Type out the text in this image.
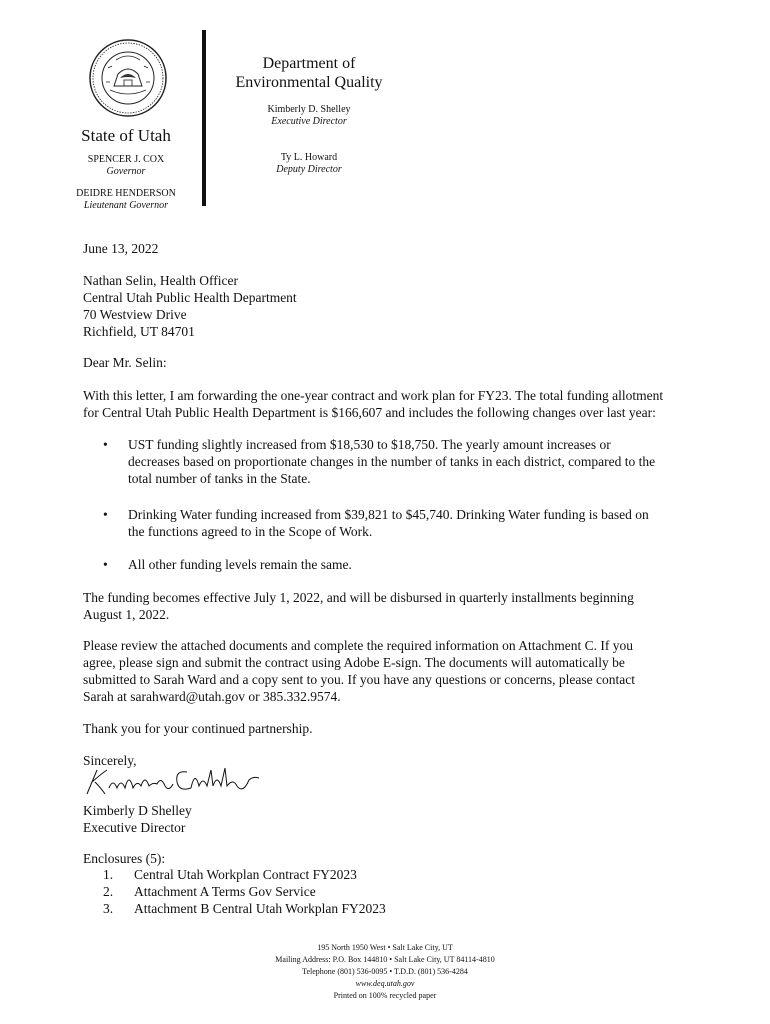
State of Utah
SPENCER J. COX
Governor
DEIDRE HENDERSON
Lieutenant Governor
Department of
Environmental Quality
Kimberly D. Shelley
Executive Director
Ty L. Howard
Deputy Director
June 13, 2022
Nathan Selin, Health Officer
Central Utah Public Health Department
70 Westview Drive
Richfield, UT 84701
Dear Mr. Selin:
With this letter, I am forwarding the one-year contract and work plan for FY23. The total funding allotment
for Central Utah Public Health Department is $166,607 and includes the following changes over last year:
• UST funding slightly increased from $18,530 to $18,750. The yearly amount increases or
decreases based on proportionate changes in the number of tanks in each district, compared to the
total number of tanks in the State.
• Drinking Water funding increased from $39,821 to $45,740. Drinking Water funding is based on
the functions agreed to in the Scope of Work.
• All other funding levels remain the same.
The funding becomes effective July 1, 2022, and will be disbursed in quarterly installments beginning
August 1, 2022.
Please review the attached documents and complete the required information on Attachment C. If you
agree, please sign and submit the contract using Adobe E-sign. The documents will automatically be
submitted to Sarah Ward and a copy sent to you. If you have any questions or concerns, please contact
Sarah at sarahward@utah.gov or 385.332.9574.
Thank you for your continued partnership.
Sincerely,
Kimberly D Shelley
Executive Director
Enclosures (5):
1. Central Utah Workplan Contract FY2023
2. Attachment A Terms Gov Service
3. Attachment B Central Utah Workplan FY2023
195 North 1950 West • Salt Lake City, UT
Mailing Address: P.O. Box 144810 • Salt Lake City, UT 84114-4810
Telephone (801) 536-0095 • T.D.D. (801) 536-4284
www.deq.utah.gov
Printed on 100% recycled paper
